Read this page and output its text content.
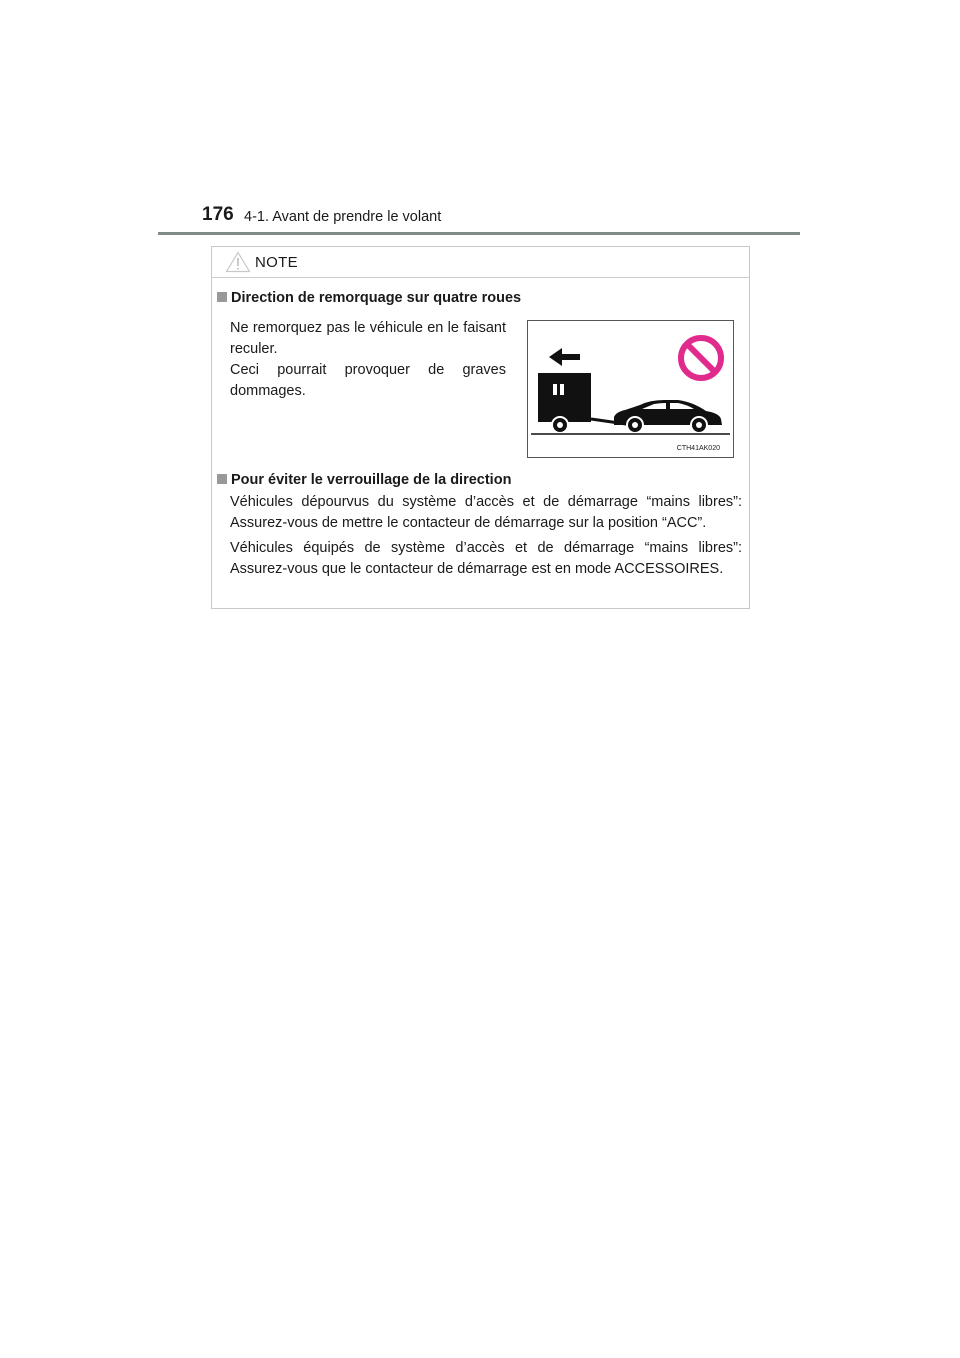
176 4-1. Avant de prendre le volant
NOTE
Direction de remorquage sur quatre roues
Ne remorquez pas le véhicule en le faisant reculer.
Ceci pourrait provoquer de graves dommages.
CTH41AK020
Pour éviter le verrouillage de la direction
Véhicules dépourvus du système d’accès et de démarrage “mains libres”: Assurez-vous de mettre le contacteur de démarrage sur la position “ACC”.
Véhicules équipés de système d’accès et de démarrage “mains libres”: Assurez-vous que le contacteur de démarrage est en mode ACCESSOIRES.
